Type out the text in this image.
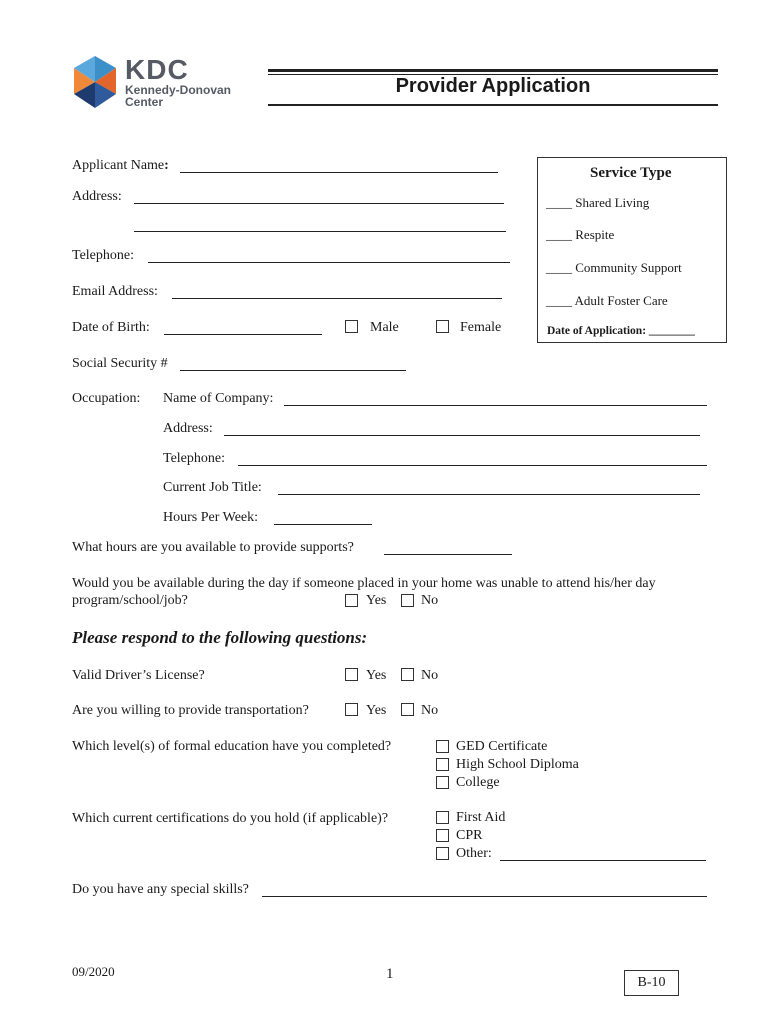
KDC
Kennedy-Donovan
Center
Provider Application
Applicant Name:
Address:
Telephone:
Email Address:
Date of Birth:	Male	Female
Social Security #
Service Type
____ Shared Living
____ Respite
____ Community Support
____ Adult Foster Care
Date of Application: ________
Occupation: Name of Company:
Address:
Telephone:
Current Job Title:
Hours Per Week:
What hours are you available to provide supports?
Would you be available during the day if someone placed in your home was unable to attend his/her day
program/school/job?	Yes No
Please respond to the following questions:
Valid Driver’s License?	Yes No
Are you willing to provide transportation?	Yes No
Which level(s) of formal education have you completed?	GED Certificate
High School Diploma
College
Which current certifications do you hold (if applicable)?	First Aid
CPR
Other:
Do you have any special skills?
09/2020	1
B-10
